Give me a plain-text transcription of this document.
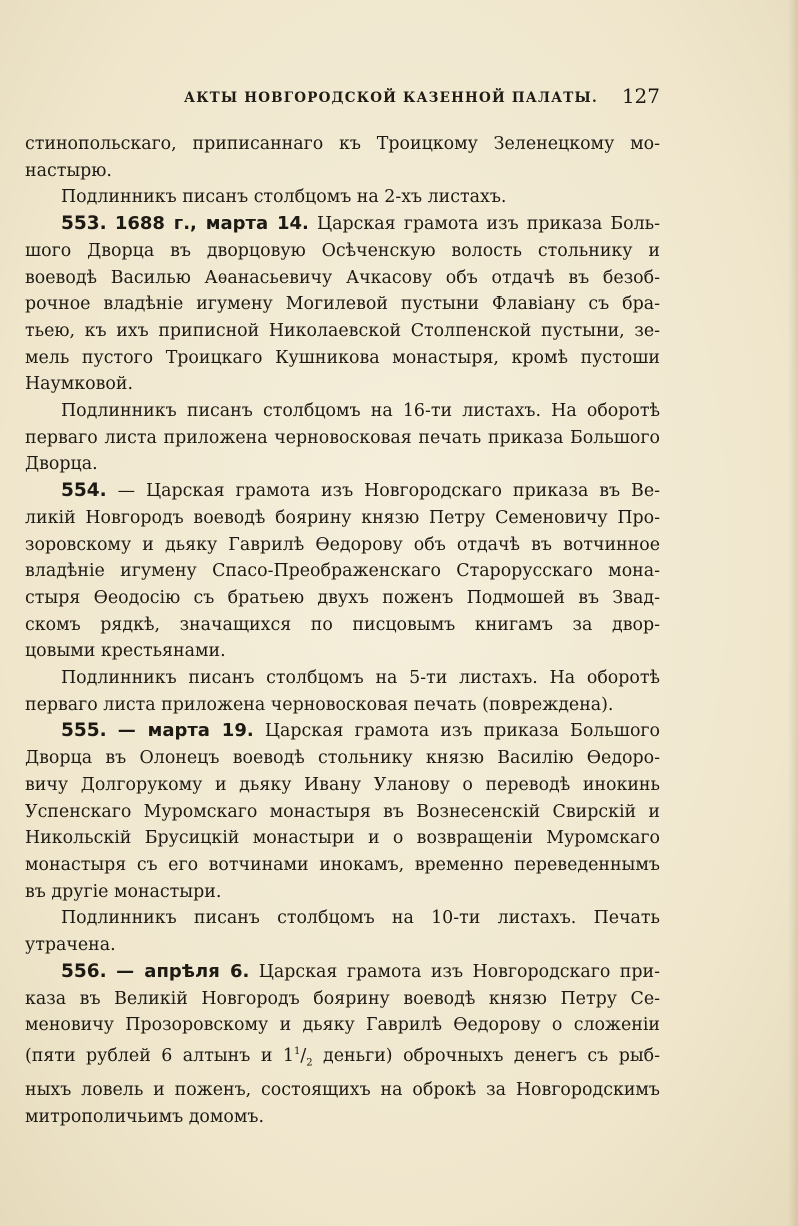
АКТЫ НОВГОРОДСКОЙ КАЗЕННОЙ ПАЛАТЫ. 127
стинопольскаго, приписаннаго къ Троицкому Зеленецкому мо-
настырю.
Подлинникъ писанъ столбцомъ на 2-хъ листахъ.
553. 1688 г., марта 14. Царская грамота изъ приказа Боль-
шого Дворца въ дворцовую Осѣченскую волость стольнику и
воеводѣ Василью Аѳанасьевичу Ачкасову объ отдачѣ въ безоб-
рочное владѣніе игумену Могилевой пустыни Флавіану съ бра-
тьею, къ ихъ приписной Николаевской Столпенской пустыни, зе-
мель пустого Троицкаго Кушникова монастыря, кромѣ пустоши
Наумковой.
Подлинникъ писанъ столбцомъ на 16-ти листахъ. На оборотѣ
перваго листа приложена черновосковая печать приказа Большого
Дворца.
554. — Царская грамота изъ Новгородскаго приказа въ Ве-
ликій Новгородъ воеводѣ боярину князю Петру Семеновичу Про-
зоровскому и дьяку Гаврилѣ Ѳедорову объ отдачѣ въ вотчинное
владѣніе игумену Спасо-Преображенскаго Старорусскаго мона-
стыря Ѳеодосію съ братьею двухъ поженъ Подмошей въ Звад-
скомъ рядкѣ, значащихся по писцовымъ книгамъ за двор-
цовыми крестьянами.
Подлинникъ писанъ столбцомъ на 5-ти листахъ. На оборотѣ
перваго листа приложена черновосковая печать (повреждена).
555. — марта 19. Царская грамота изъ приказа Большого
Дворца въ Олонецъ воеводѣ стольнику князю Василію Ѳедоро-
вичу Долгорукому и дьяку Ивану Уланову о переводѣ инокинь
Успенскаго Муромскаго монастыря въ Вознесенскій Свирскій и
Никольскій Брусицкій монастыри и о возвращеніи Муромскаго
монастыря съ его вотчинами инокамъ, временно переведеннымъ
въ другіе монастыри.
Подлинникъ писанъ столбцомъ на 10-ти листахъ. Печать
утрачена.
556. — апрѣля 6. Царская грамота изъ Новгородскаго при-
каза въ Великій Новгородъ боярину воеводѣ князю Петру Се-
меновичу Прозоровскому и дьяку Гаврилѣ Ѳедорову о сложеніи
(пяти рублей 6 алтынъ и $1^1/_2$ деньги) оброчныхъ денегъ съ рыб-
ныхъ ловель и поженъ, состоящихъ на оброкѣ за Новгородскимъ
митрополичьимъ домомъ.
